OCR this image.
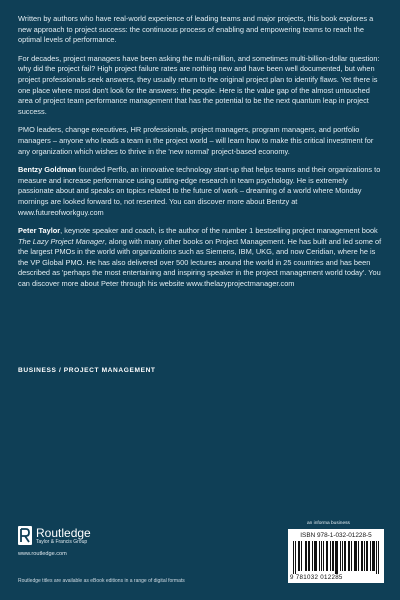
Written by authors who have real-world experience of leading teams and major projects, this book explores a new approach to project success: the continuous process of enabling and empowering teams to reach the optimal levels of performance.

For decades, project managers have been asking the multi-million, and sometimes multi-billion-dollar question: why did the project fail? High project failure rates are nothing new and have been well documented, but when project professionals seek answers, they usually return to the original project plan to identify flaws. Yet there is one place where most don't look for the answers: the people. Here is the value gap of the almost untouched area of project team performance management that has the potential to be the next quantum leap in project success.

PMO leaders, change executives, HR professionals, project managers, program managers, and portfolio managers – anyone who leads a team in the project world – will learn how to make this critical investment for any organization which wishes to thrive in the 'new normal' project-based economy.

Bentzy Goldman founded Perflo, an innovative technology start-up that helps teams and their organizations to measure and increase performance using cutting-edge research in team psychology. He is extremely passionate about and speaks on topics related to the future of work – dreaming of a world where Monday mornings are looked forward to, not resented. You can discover more about Bentzy at www.futureofworkguy.com

Peter Taylor, keynote speaker and coach, is the author of the number 1 bestselling project management book The Lazy Project Manager, along with many other books on Project Management. He has built and led some of the largest PMOs in the world with organizations such as Siemens, IBM, UKG, and now Ceridian, where he is the VP Global PMO. He has also delivered over 500 lectures around the world in 25 countries and has been described as 'perhaps the most entertaining and inspiring speaker in the project management world today'. You can discover more about Peter through his website www.thelazyprojectmanager.com

BUSINESS / PROJECT MANAGEMENT
Routledge
Taylor & Francis Group
www.routledge.com
Routledge titles are available as eBook editions in a range of digital formats
an informa business
ISBN 978-1-032-01228-5
9 781032 012285
